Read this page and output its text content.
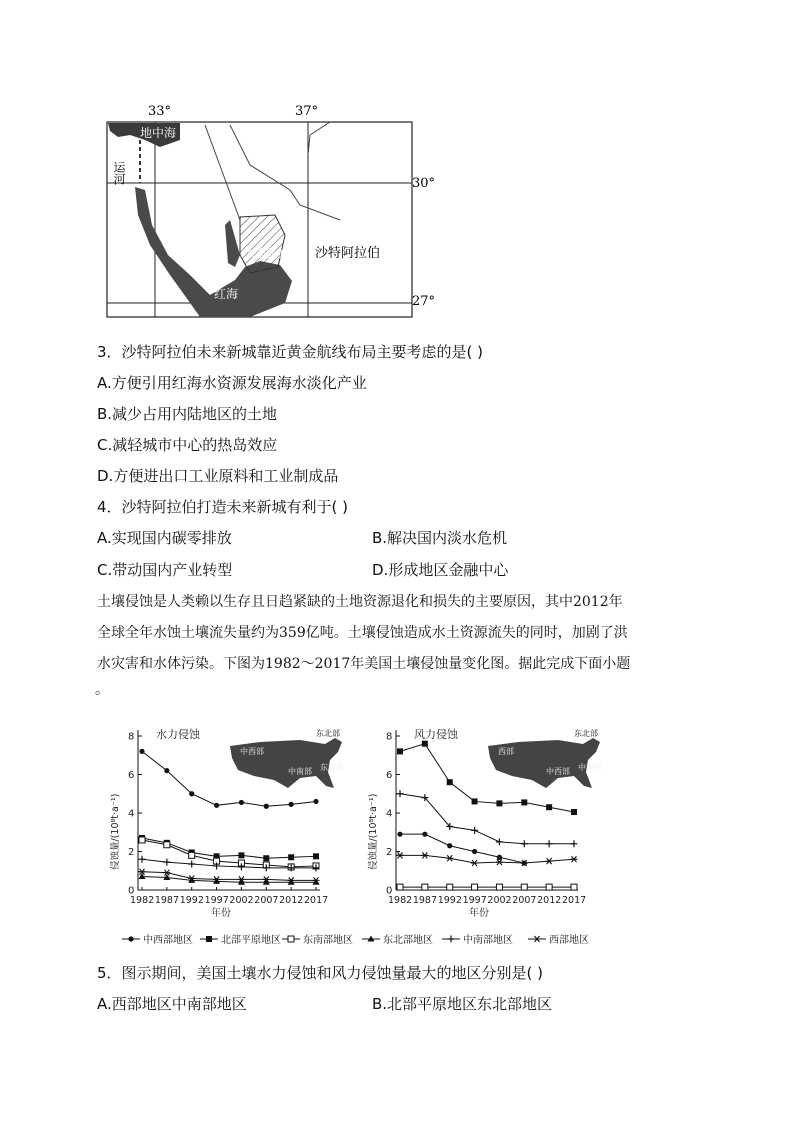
33°	37°
30°
27°
地中海
运河
沙特阿拉伯
红海
未来新城
3．沙特阿拉伯未来新城靠近黄金航线布局主要考虑的是( )
A.方便引用红海水资源发展海水淡化产业
B.减少占用内陆地区的土地
C.减轻城市中心的热岛效应
D.方便进出口工业原料和工业制成品
4．沙特阿拉伯打造未来新城有利于( )
A.实现国内碳零排放	B.解决国内淡水危机
C.带动国内产业转型	D.形成地区金融中心
土壤侵蚀是人类赖以生存且日趋紧缺的土地资源退化和损失的主要原因，其中2012年
全球全年水蚀土壤流失量约为359亿吨。土壤侵蚀造成水土资源流失的同时，加剧了洪
水灾害和水体污染。下图为1982～2017年美国土壤侵蚀量变化图。据此完成下面小题
。
0
2
4
6
8
1982 1987 1992 1997 2002 2007 2012 2017
年份
侵蚀量/(10⁸t·a⁻¹)
水力侵蚀	东北部
中西部
中南部 东南部
0
2
4
6
8
1982 1987 1992 1997 2002 2007 2012 2017
年份
侵蚀量/(10⁸t·a⁻¹)
风力侵蚀	东北部
西部
中西部 中南部
中西部地区	北部平原地区 东南部地区	东北部地区	中南部地区	西部地区
5．图示期间，美国土壤水力侵蚀和风力侵蚀量最大的地区分别是( )
A.西部地区中南部地区	B.北部平原地区东北部地区
